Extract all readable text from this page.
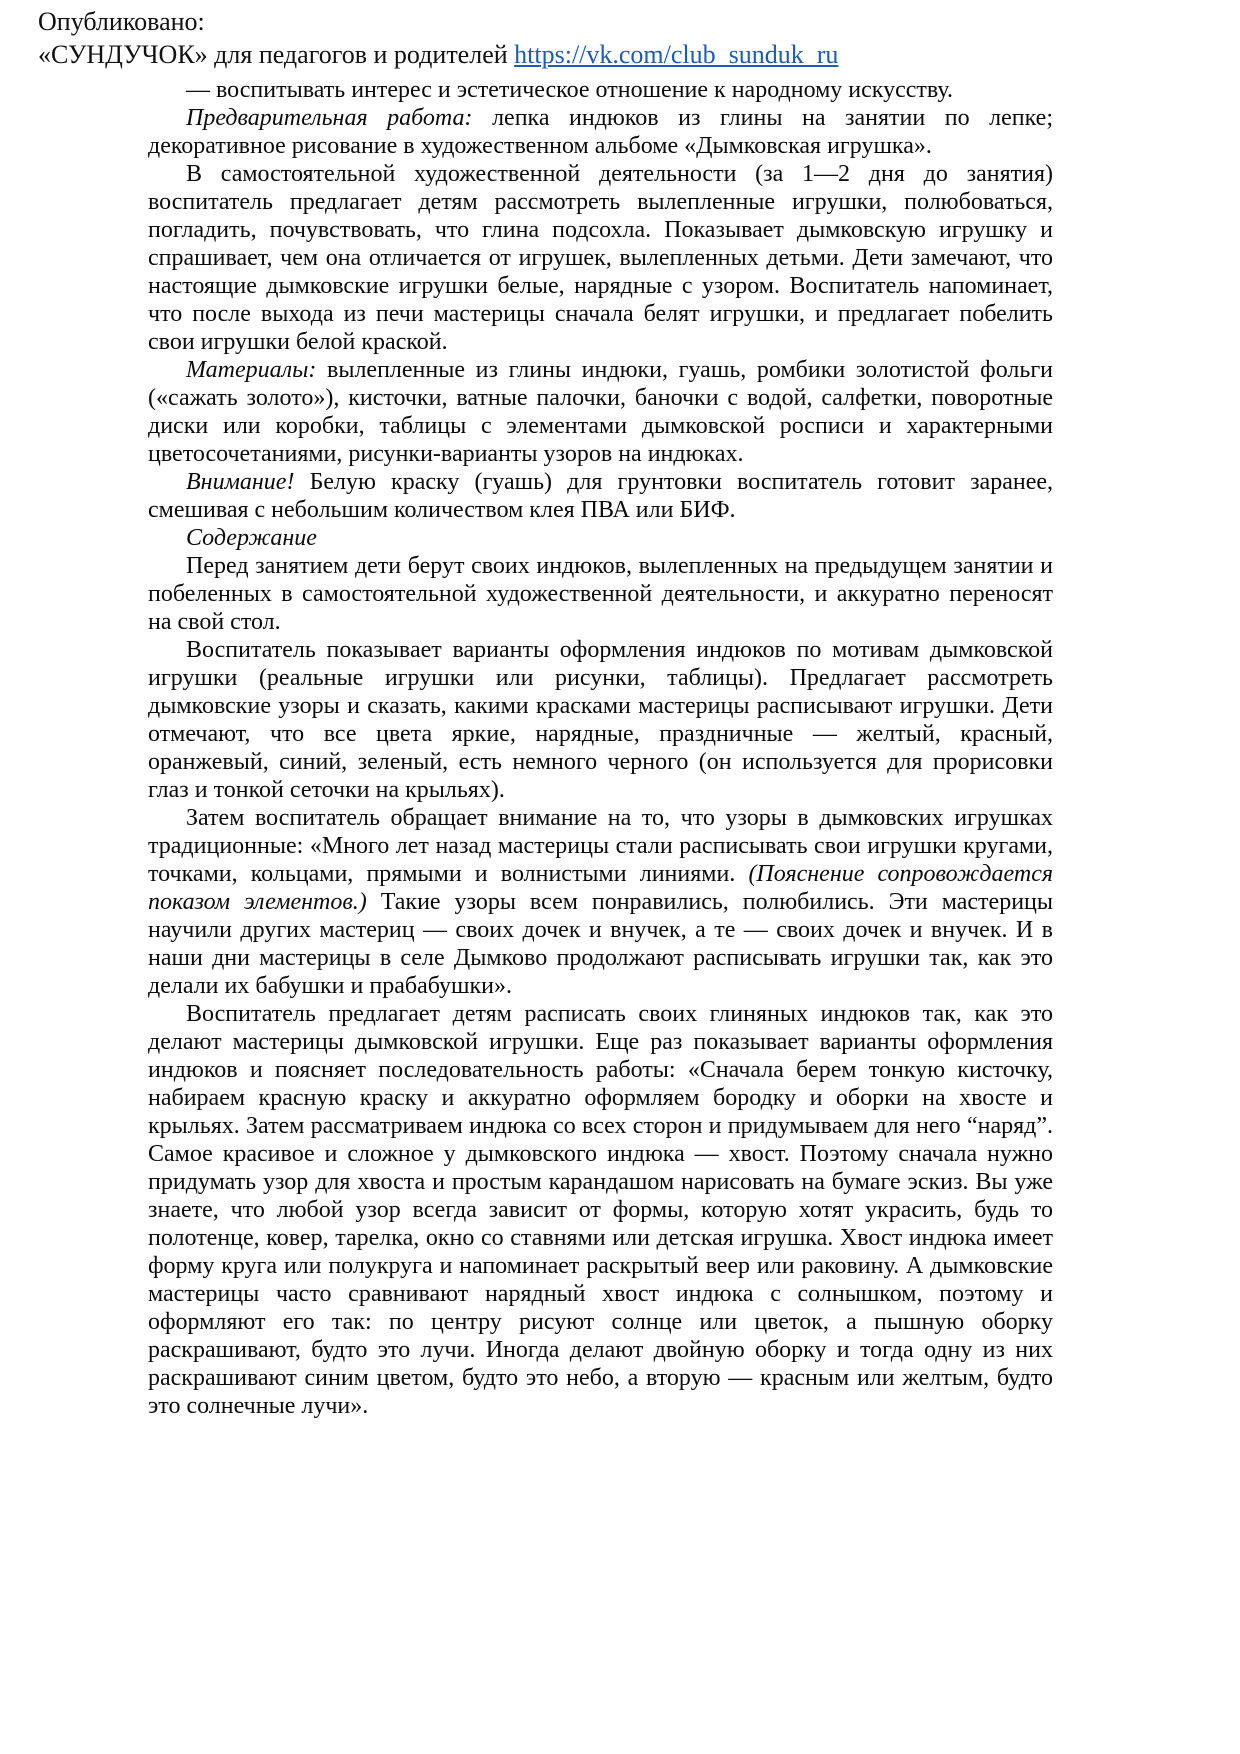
Опубликовано:
«СУНДУЧОК» для педагогов и родителей https://vk.com/club_sunduk_ru

— воспитывать интерес и эстетическое отношение к народному искусству.

Предварительная работа: лепка индюков из глины на занятии по лепке; декоративное рисование в художественном альбоме «Дымковская игрушка».

В самостоятельной художественной деятельности (за 1—2 дня до занятия) воспитатель предлагает детям рассмотреть вылепленные игрушки, полюбоваться, погладить, почувствовать, что глина подсохла. Показывает дымковскую игрушку и спрашивает, чем она отличается от игрушек, вылепленных детьми. Дети замечают, что настоящие дымковские игрушки белые, нарядные с узором. Воспитатель напоминает, что после выхода из печи мастерицы сначала белят игрушки, и предлагает побелить свои игрушки белой краской.

Материалы: вылепленные из глины индюки, гуашь, ромбики золотистой фольги («сажать золото»), кисточки, ватные палочки, баночки с водой, салфетки, поворотные диски или коробки, таблицы с элементами дымковской росписи и характерными цветосочетаниями, рисунки-варианты узоров на индюках.

Внимание! Белую краску (гуашь) для грунтовки воспитатель готовит заранее, смешивая с небольшим количеством клея ПВА или БИФ.

Содержание

Перед занятием дети берут своих индюков, вылепленных на предыдущем занятии и побеленных в самостоятельной художественной деятельности, и аккуратно переносят на свой стол.

Воспитатель показывает варианты оформления индюков по мотивам дымковской игрушки (реальные игрушки или рисунки, таблицы). Предлагает рассмотреть дымковские узоры и сказать, какими красками мастерицы расписывают игрушки. Дети отмечают, что все цвета яркие, нарядные, праздничные — желтый, красный, оранжевый, синий, зеленый, есть немного черного (он используется для прорисовки глаз и тонкой сеточки на крыльях).

Затем воспитатель обращает внимание на то, что узоры в дымковских игрушках традиционные: «Много лет назад мастерицы стали расписывать свои игрушки кругами, точками, кольцами, прямыми и волнистыми линиями. (Пояснение сопровождается показом элементов.) Такие узоры всем понравились, полюбились. Эти мастерицы научили других мастериц — своих дочек и внучек, а те — своих дочек и внучек. И в наши дни мастерицы в селе Дымково продолжают расписывать игрушки так, как это делали их бабушки и прабабушки».

Воспитатель предлагает детям расписать своих глиняных индюков так, как это делают мастерицы дымковской игрушки. Еще раз показывает варианты оформления индюков и поясняет последовательность работы: «Сначала берем тонкую кисточку, набираем красную краску и аккуратно оформляем бородку и оборки на хвосте и крыльях. Затем рассматриваем индюка со всех сторон и придумываем для него “наряд”. Самое красивое и сложное у дымковского индюка — хвост. Поэтому сначала нужно придумать узор для хвоста и простым карандашом нарисовать на бумаге эскиз. Вы уже знаете, что любой узор всегда зависит от формы, которую хотят украсить, будь то полотенце, ковер, тарелка, окно со ставнями или детская игрушка. Хвост индюка имеет форму круга или полукруга и напоминает раскрытый веер или раковину. А дымковские мастерицы часто сравнивают нарядный хвост индюка с солнышком, поэтому и оформляют его так: по центру рисуют солнце или цветок, а пышную оборку раскрашивают, будто это лучи. Иногда делают двойную оборку и тогда одну из них раскрашивают синим цветом, будто это небо, а вторую — красным или желтым, будто это солнечные лучи».
